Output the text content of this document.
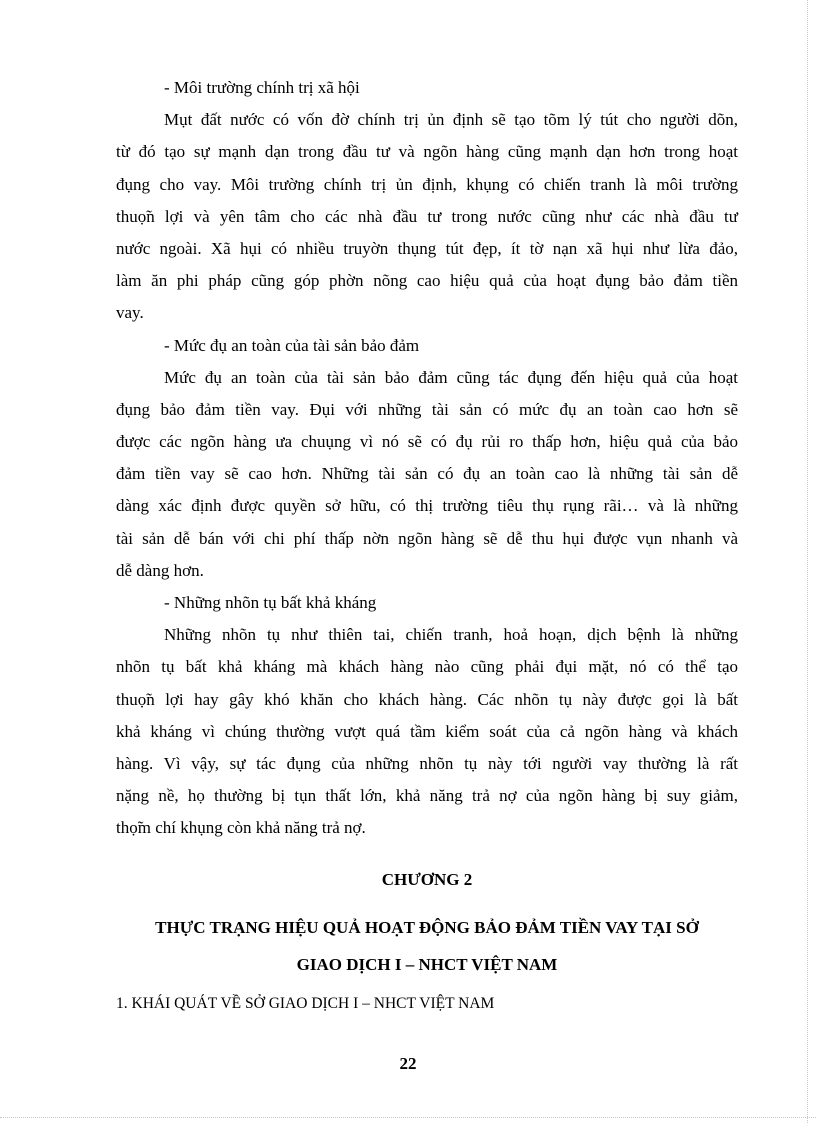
- Môi trường chính trị xã hội
Mụt đất nước có vốn đờ chính trị ủn định sẽ tạo tõm lý tút cho người dõn,
từ đó tạo sự mạnh dạn trong đầu tư và ngõn hàng cũng mạnh dạn hơn trong hoạt
đụng cho vay. Môi trường chính trị ủn định, khụng có chiến tranh là môi trường
thuọ̃n lợi và yên tâm cho các nhà đầu tư trong nước cũng như các nhà đầu tư
nước ngoài. Xã hụi có nhiều truyờn thụng tút đẹp, ít tờ nạn xã hụi như lừa đảo,
làm ăn phi pháp cũng góp phờn nõng cao hiệu quả của hoạt đụng bảo đảm tiền
vay.
- Mức đụ an toàn của tài sản bảo đảm
Mức đụ an toàn của tài sản bảo đảm cũng tác đụng đến hiệu quả của hoạt
đụng bảo đảm tiền vay. Đụi với những tài sản có mức đụ an toàn cao hơn sẽ
được các ngõn hàng ưa chuụng vì nó sẽ có đụ rủi ro thấp hơn, hiệu quả của bảo
đảm tiền vay sẽ cao hơn. Những tài sản có đụ an toàn cao là những tài sản dễ
dàng xác định được quyền sở hữu, có thị trường tiêu thụ rụng rãi… và là những
tài sản dễ bán với chi phí thấp nờn ngõn hàng sẽ dễ thu hụi được vụn nhanh và
dễ dàng hơn.
- Những nhõn tụ bất khả kháng
Những nhõn tụ như thiên tai, chiến tranh, hoả hoạn, dịch bệnh là những
nhõn tụ bất khả kháng mà khách hàng nào cũng phải đụi mặt, nó có thể tạo
thuọ̃n lợi hay gây khó khăn cho khách hàng. Các nhõn tụ này được gọi là bất
khả kháng vì chúng thường vượt quá tầm kiểm soát của cả ngõn hàng và khách
hàng. Vì vậy, sự tác đụng của những nhõn tụ này tới người vay thường là rất
nặng nề, họ thường bị tụn thất lớn, khả năng trả nợ của ngõn hàng bị suy giảm,
thọ̃m chí khụng còn khả năng trả nợ.
CHƯƠNG 2
THỰC TRẠNG HIỆU QUẢ HOẠT ĐỘNG BẢO ĐẢM TIỀN VAY TẠI SỞ
GIAO DỊCH I – NHCT VIỆT NAM
1. KHÁI QUÁT VỀ SỞ GIAO DỊCH I – NHCT VIỆT NAM
22
